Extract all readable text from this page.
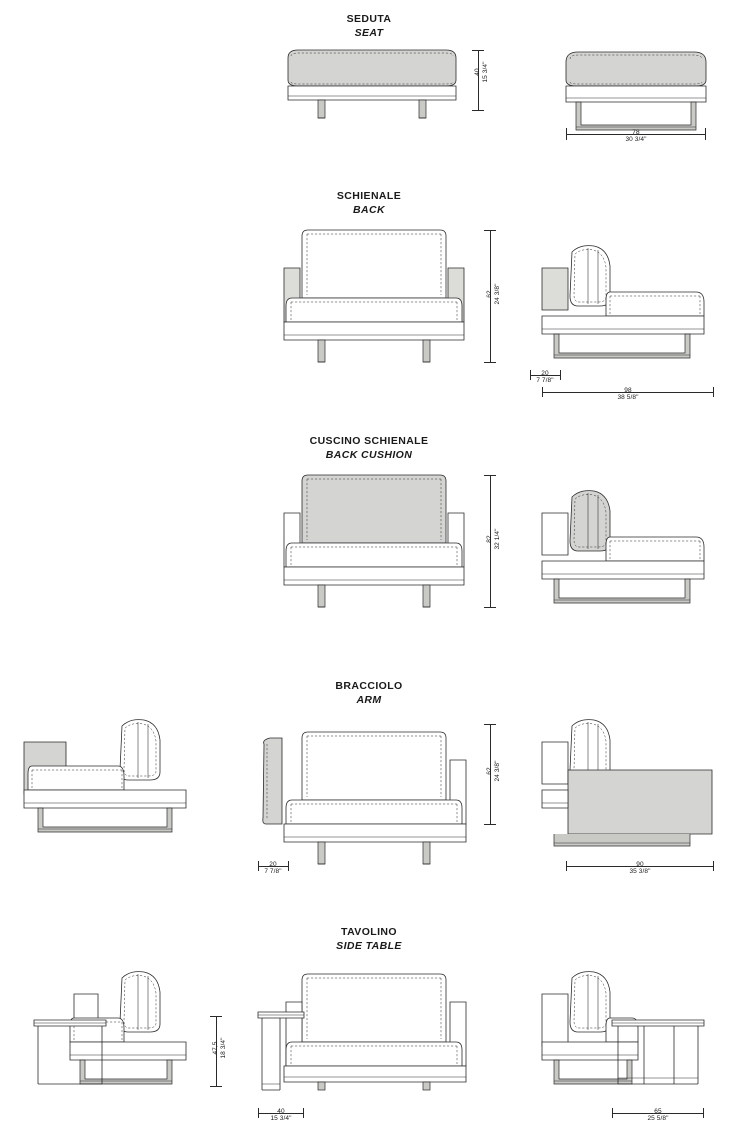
SEDUTA
SEAT
40 15 3/4"
78
30 3/4"
SCHIENALE
BACK
62 24 3/8"
20
7 7/8"
98
38 5/8"
CUSCINO SCHIENALE
BACK CUSHION
82 32 1/4"
BRACCIOLO
ARM
62 24 3/8"
20
7 7/8"
90
35 3/8"
TAVOLINO
SIDE TABLE
47,5 18 3/4"
40
15 3/4"
65
25 5/8"
